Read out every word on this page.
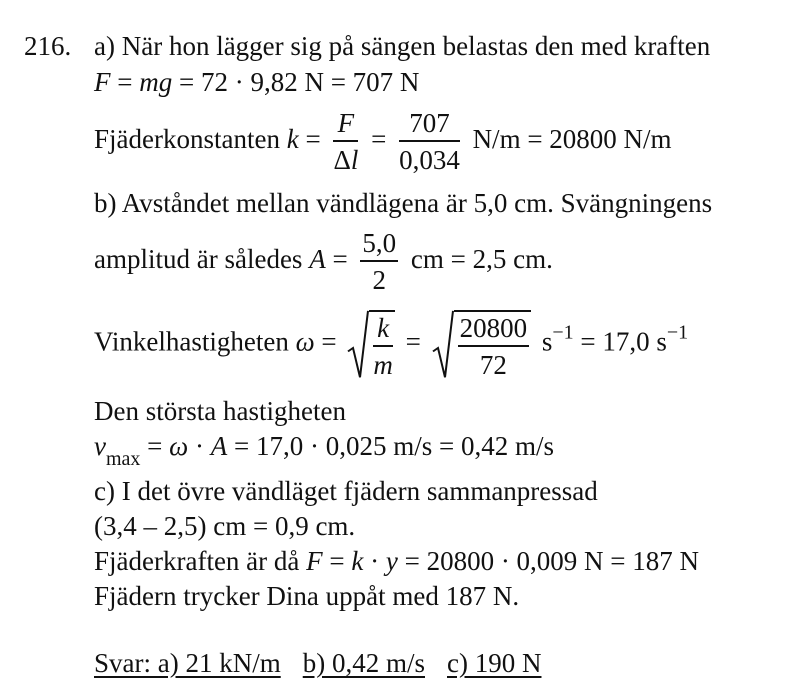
216. a) När hon lägger sig på sängen belastas den med kraften
F = mg = 72 · 9,82 N = 707 N
Fjäderkonstanten $k = \frac{F}{\Delta l} = \frac{707}{0,034} N/m = 20800$ N/m
b) Avståndet mellan vändlägena är 5,0 cm. Svängningens
amplitud är således $A = \frac{5,0}{2}$ cm = 2,5 cm.
Vinkelhastigheten $\omega = \frac{k}{m} = \frac{20800}{72} s^{-1} = 17,0$ $s^{-1}$
Den största hastigheten
$v_{max} = \omega \cdot A = 17,0 \cdot 0,025$ m/s = 0,42 m/s
c) I det övre vändläget fjädern sammanpressad
(3,4 – 2,5) cm = 0,9 cm.
Fjäderkraften är då F = k · y = 20800 · 0,009 N = 187 N
Fjädern trycker Dina uppåt med 187 N.
Svar: a) 21 kN/m b) 0,42 m/s c) 190 N
